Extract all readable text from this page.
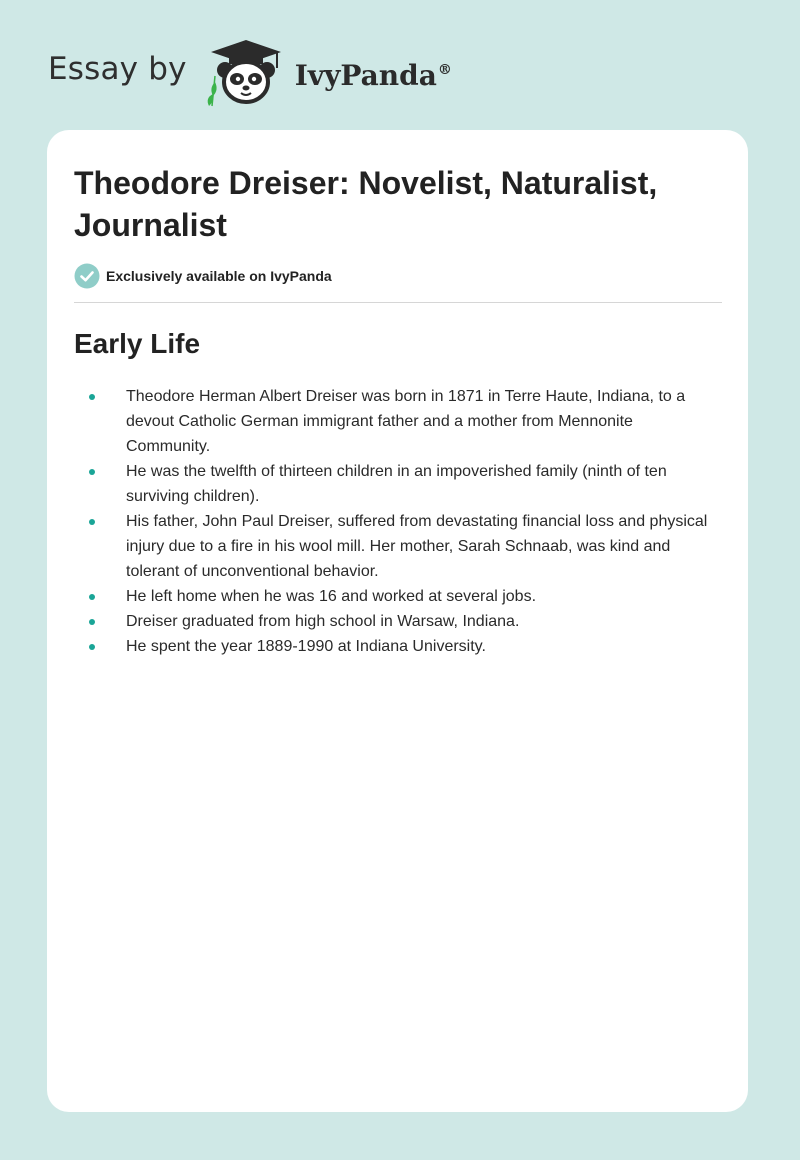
Essay by	IvyPanda®
Theodore Dreiser: Novelist, Naturalist, Journalist
Exclusively available on IvyPanda
Early Life
Theodore Herman Albert Dreiser was born in 1871 in Terre Haute, Indiana, to a devout Catholic German immigrant father and a mother from Mennonite Community.
He was the twelfth of thirteen children in an impoverished family (ninth of ten surviving children).
His father, John Paul Dreiser, suffered from devastating financial loss and physical injury due to a fire in his wool mill. Her mother, Sarah Schnaab, was kind and tolerant of unconventional behavior.
He left home when he was 16 and worked at several jobs.
Dreiser graduated from high school in Warsaw, Indiana.
He spent the year 1889-1990 at Indiana University.
